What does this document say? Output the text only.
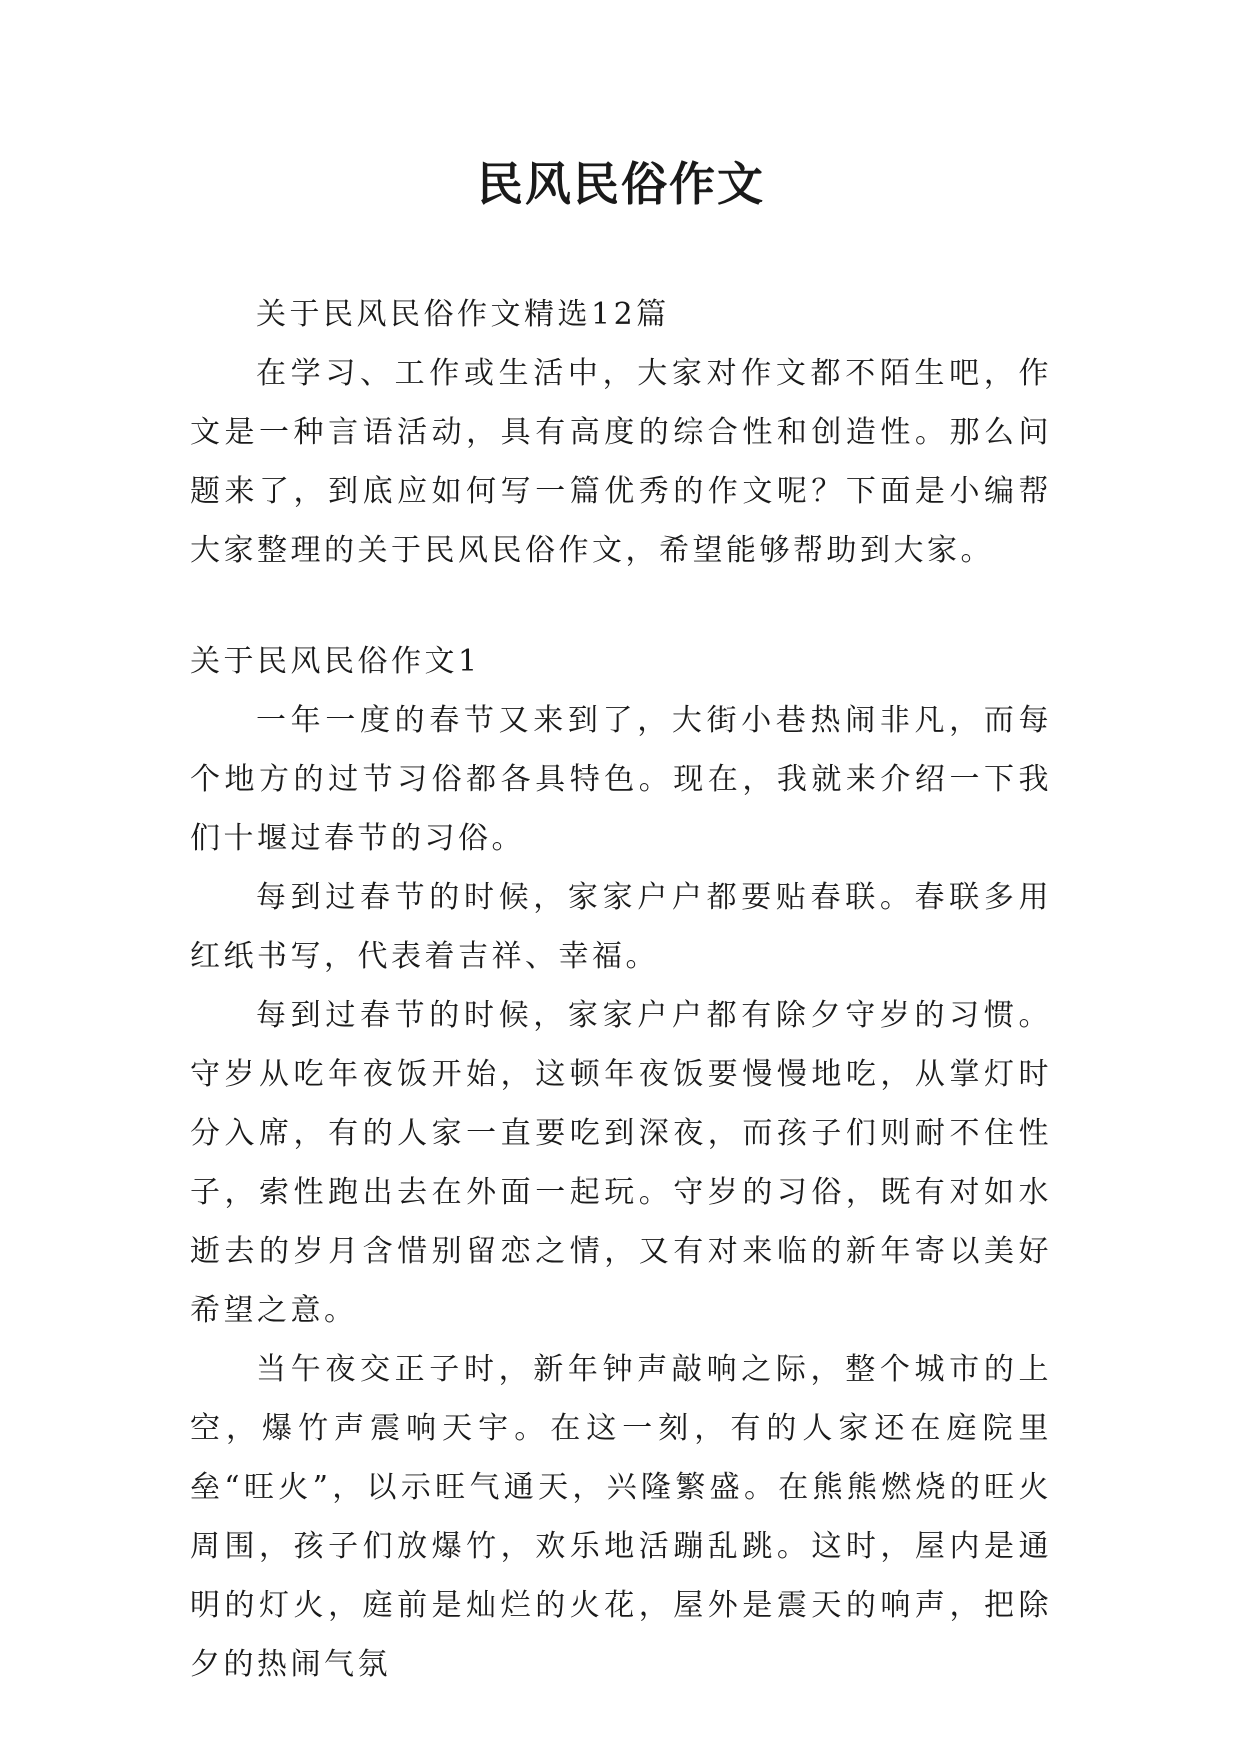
民风民俗作文

关于民风民俗作文精选12篇

在学习、工作或生活中，大家对作文都不陌生吧，作文是一种言语活动，具有高度的综合性和创造性。那么问题来了，到底应如何写一篇优秀的作文呢？下面是小编帮大家整理的关于民风民俗作文，希望能够帮助到大家。

关于民风民俗作文1

一年一度的春节又来到了，大街小巷热闹非凡，而每个地方的过节习俗都各具特色。现在，我就来介绍一下我们十堰过春节的习俗。

每到过春节的时候，家家户户都要贴春联。春联多用红纸书写，代表着吉祥、幸福。

每到过春节的时候，家家户户都有除夕守岁的习惯。守岁从吃年夜饭开始，这顿年夜饭要慢慢地吃，从掌灯时分入席，有的人家一直要吃到深夜，而孩子们则耐不住性子，索性跑出去在外面一起玩。守岁的习俗，既有对如水逝去的岁月含惜别留恋之情，又有对来临的新年寄以美好希望之意。

当午夜交正子时，新年钟声敲响之际，整个城市的上空，爆竹声震响天宇。在这一刻，有的人家还在庭院里垒“旺火”，以示旺气通天，兴隆繁盛。在熊熊燃烧的旺火周围，孩子们放爆竹，欢乐地活蹦乱跳。这时，屋内是通明的灯火，庭前是灿烂的火花，屋外是震天的响声，把除夕的热闹气氛
